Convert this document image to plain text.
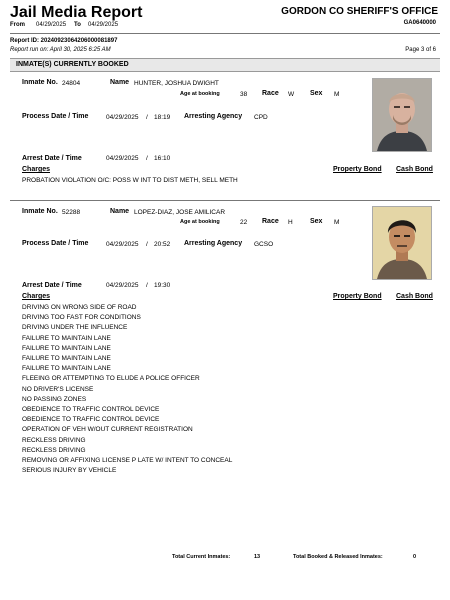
Jail Media Report
From 04/29/2025 To 04/29/2025
GORDON CO SHERIFF'S OFFICE
GA0640000
Report ID: 20240923064206000081897
Report run on: April 30, 2025 6:25 AM	Page 3 of 6
INMATE(S) CURRENTLY BOOKED
Inmate No. 24804	Name HUNTER, JOSHUA DWIGHT
Age at booking	38 Race W Sex M
Process Date / Time	04/29/2025 / 18:19 Arresting Agency CPD
Arrest Date / Time	04/29/2025 / 16:10
Charges	Property Bond Cash Bond
PROBATION VIOLATION O/C: POSS W INT TO DIST METH, SELL METH
Inmate No. 52288	Name LOPEZ-DIAZ, JOSE AMILICAR
Age at booking	22 Race H Sex M
Process Date / Time	04/29/2025 / 20:52 Arresting Agency GCSO
Arrest Date / Time	04/29/2025 / 19:30
Charges	Property Bond Cash Bond
DRIVING ON WRONG SIDE OF ROAD
DRIVING TOO FAST FOR CONDITIONS
DRIVING UNDER THE INFLUENCE
FAILURE TO MAINTAIN LANE
FAILURE TO MAINTAIN LANE
FAILURE TO MAINTAIN LANE
FAILURE TO MAINTAIN LANE
FLEEING OR ATTEMPTING TO ELUDE A POLICE OFFICER
NO DRIVER'S LICENSE
NO PASSING ZONES
OBEDIENCE TO TRAFFIC CONTROL DEVICE
OBEDIENCE TO TRAFFIC CONTROL DEVICE
OPERATION OF VEH W/OUT CURRENT REGISTRATION
RECKLESS DRIVING
RECKLESS DRIVING
REMOVING OR AFFIXING LICENSE P LATE W/ INTENT TO CONCEAL
SERIOUS INJURY BY VEHICLE
Total Current Inmates:	13	Total Booked & Released Inmates:	0
